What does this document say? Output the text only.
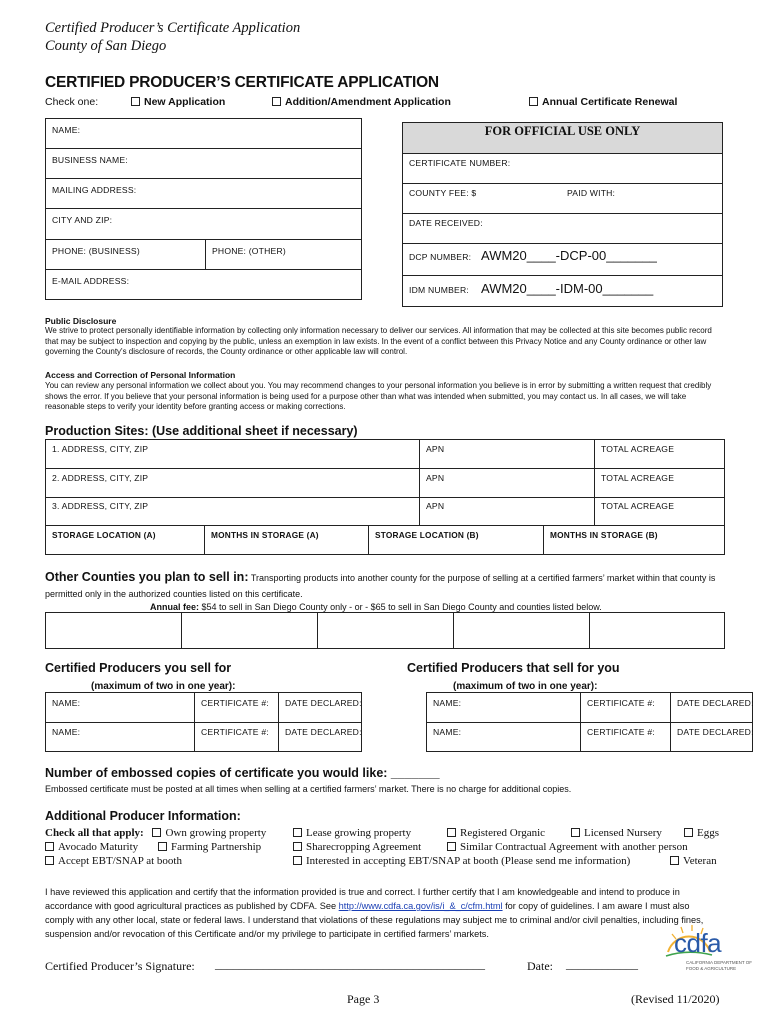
Certified Producer’s Certificate Application
County of San Diego
CERTIFIED PRODUCER’S CERTIFICATE APPLICATION
Check one:	New Application	Addition/Amendment Application	Annual Certificate Renewal
NAME:
BUSINESS NAME:
MAILING ADDRESS:
CITY AND ZIP:
PHONE: (BUSINESS)	PHONE: (OTHER)
E-MAIL ADDRESS:
FOR OFFICIAL USE ONLY
CERTIFICATE NUMBER:
COUNTY FEE: $	PAID WITH:
DATE RECEIVED:
DCP NUMBER: AWM20____-DCP-00_______
IDM NUMBER: AWM20____-IDM-00_______
Public Disclosure
We strive to protect personally identifiable information by collecting only information necessary to deliver our services. All information that may be collected at this site becomes public record that may be subject to inspection and copying by the public, unless an exemption in law exists. In the event of a conflict between this Privacy Notice and any County ordinance or other law governing the County's disclosure of records, the County ordinance or other applicable law will control.
Access and Correction of Personal Information
You can review any personal information we collect about you. You may recommend changes to your personal information you believe is in error by submitting a written request that credibly shows the error. If you believe that your personal information is being used for a purpose other than what was intended when submitted, you may contact us. In all cases, we will take reasonable steps to verify your identity before granting access or making corrections.
Production Sites: (Use additional sheet if necessary)
1. ADDRESS, CITY, ZIP	APN	TOTAL ACREAGE
2. ADDRESS, CITY, ZIP	APN	TOTAL ACREAGE
3. ADDRESS, CITY, ZIP	APN	TOTAL ACREAGE
STORAGE LOCATION (A)	MONTHS IN STORAGE (A)	STORAGE LOCATION (B)	MONTHS IN STORAGE (B)
Other Counties you plan to sell in: Transporting products into another county for the purpose of selling at a certified farmers’ market within that county is permitted only in the authorized counties listed on this certificate.
Annual fee: $54 to sell in San Diego County only - or - $65 to sell in San Diego County and counties listed below.
Certified Producers you sell for
(maximum of two in one year):
NAME:	CERTIFICATE #: DATE DECLARED:
NAME:	CERTIFICATE #: DATE DECLARED:
Certified Producers that sell for you
(maximum of two in one year):
NAME:	CERTIFICATE #:	DATE DECLARED:
NAME:	CERTIFICATE #:	DATE DECLARED:
Number of embossed copies of certificate you would like: _______
Embossed certificate must be posted at all times when selling at a certified farmers’ market. There is no charge for additional copies.
Additional Producer Information:
Check all that apply: Own growing property	Lease growing property	Registered Organic	Licensed Nursery	Eggs
Avocado Maturity	Farming Partnership	Sharecropping Agreement	Similar Contractual Agreement with another person
Accept EBT/SNAP at booth	Interested in accepting EBT/SNAP at booth (Please send me information)	Veteran
I have reviewed this application and certify that the information provided is true and correct. I further certify that I am knowledgeable and intend to produce in accordance with good agricultural practices as published by CDFA. See http://www.cdfa.ca.gov/is/i_&_c/cfm.html for copy of guidelines. I am aware I must also comply with any other local, state or federal laws. I understand that violations of these regulations may subject me to criminal and/or civil penalties, including fines, suspension and/or revocation of this Certificate and/or my privilege to participate in certified farmers’ markets.
Certified Producer’s Signature: _____________________________________________	Date: ____________
cdfa
CALIFORNIA DEPARTMENT OF
FOOD & AGRICULTURE
Page 3	(Revised 11/2020)
